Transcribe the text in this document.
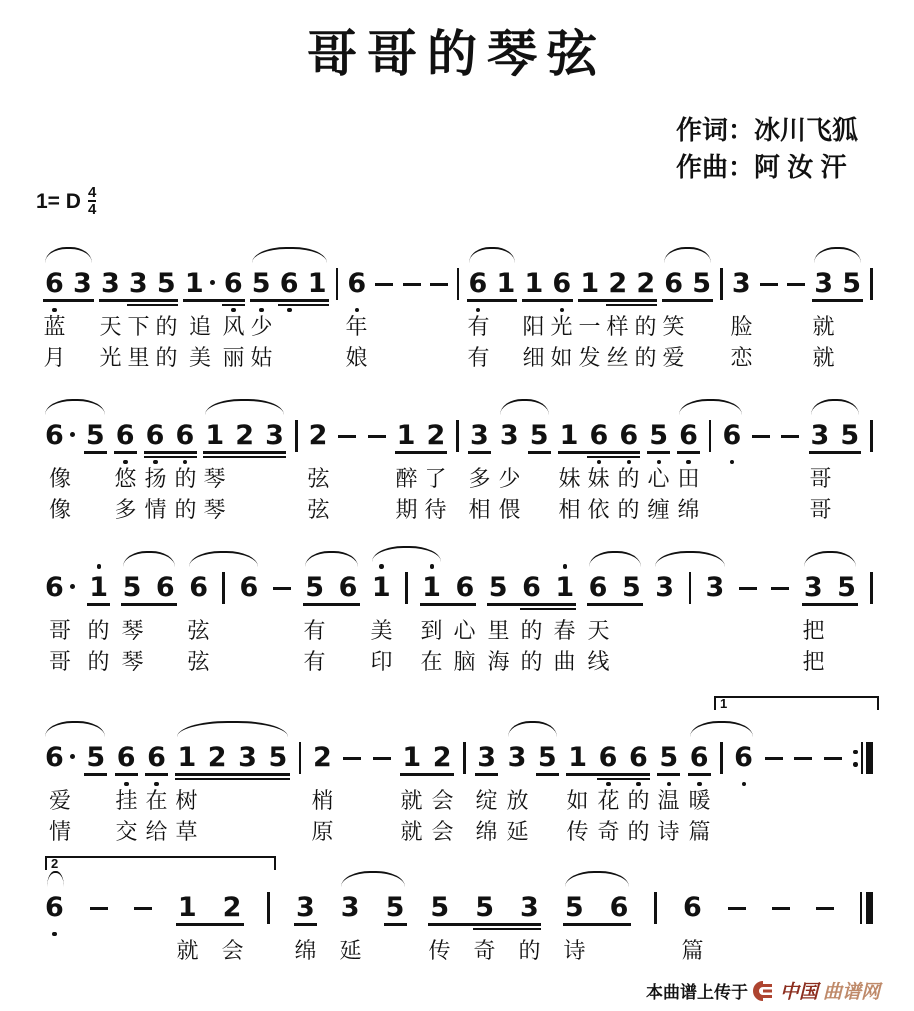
哥哥的琴弦
作词：冰川飞狐
作曲：阿 汝 汗
1= D $\frac{4}{4}$
6 3 3 3 5 1 6 5 6 1 6	6 1 1 6 1 2 2 6 5 3 3 5
蓝 天 下 的 追 风 少	年	有 阳 光 一 样 的 笑 脸	就
月 光 里 的 美 丽 姑	娘	有 细 如 发 丝 的 爱 恋	就
6 5 6 6 6 1 2 3 2	1 2 3 3 5 1 6 6 5 6 6	3 5
像 悠 扬 的 琴	弦	醉 了 多 少 妹 妹 的 心 田	哥
像 多 情 的 琴	弦	期 待 相 偎 相 依 的 缠 绵	哥
6 1 5 6 6 6 5 6 1 1 6 5 6 1 6 5 3 3	3 5
哥 的 琴 弦	有 美 到 心 里 的 春 天	把
哥 的 琴 弦	有 印 在 脑 海 的 曲 线	把
6 5 6 6 1 2 3 5 2	1 2 3 3 5 1 6 6 5 6 6
1
爱 挂 在 树	梢	就 会 绽 放 如 花 的 温 暖
情 交 给 草	原	就 会 绵 延 传 奇 的 诗 篇
6	1 2 3 3 5 5 5 3 5 6 6
2
就 会 绵 延	传 奇 的 诗	篇
本曲谱上传于 中国 曲谱网
